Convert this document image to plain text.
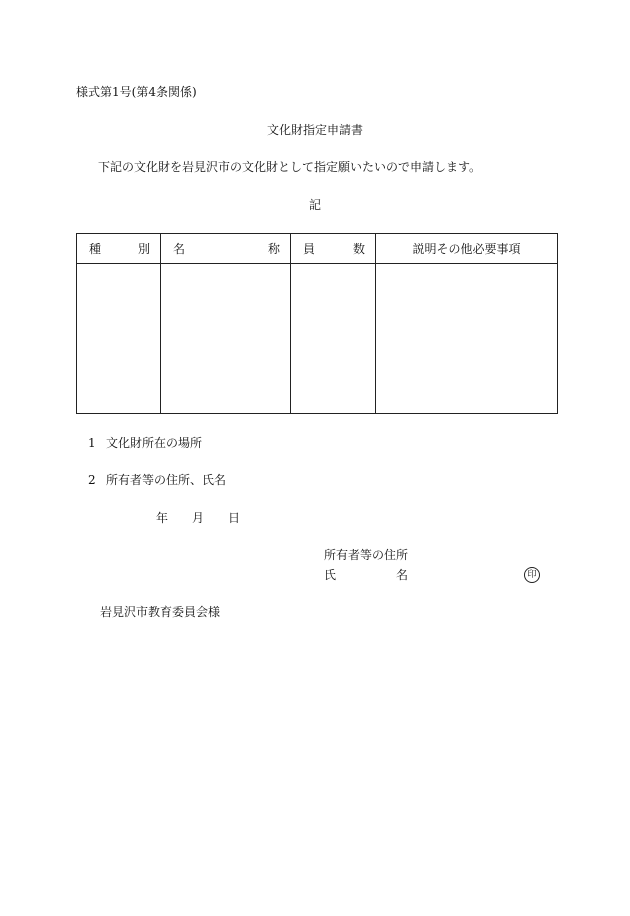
様式第1号(第4条関係)
文化財指定申請書
下記の文化財を岩見沢市の文化財として指定願いたいので申請します。
記
種 別	名 称	員 数	説明その他必要事項

1 文化財所在の場所
2 所有者等の住所、氏名
年 月 日
所有者等の住所
氏	名	印
岩見沢市教育委員会様
